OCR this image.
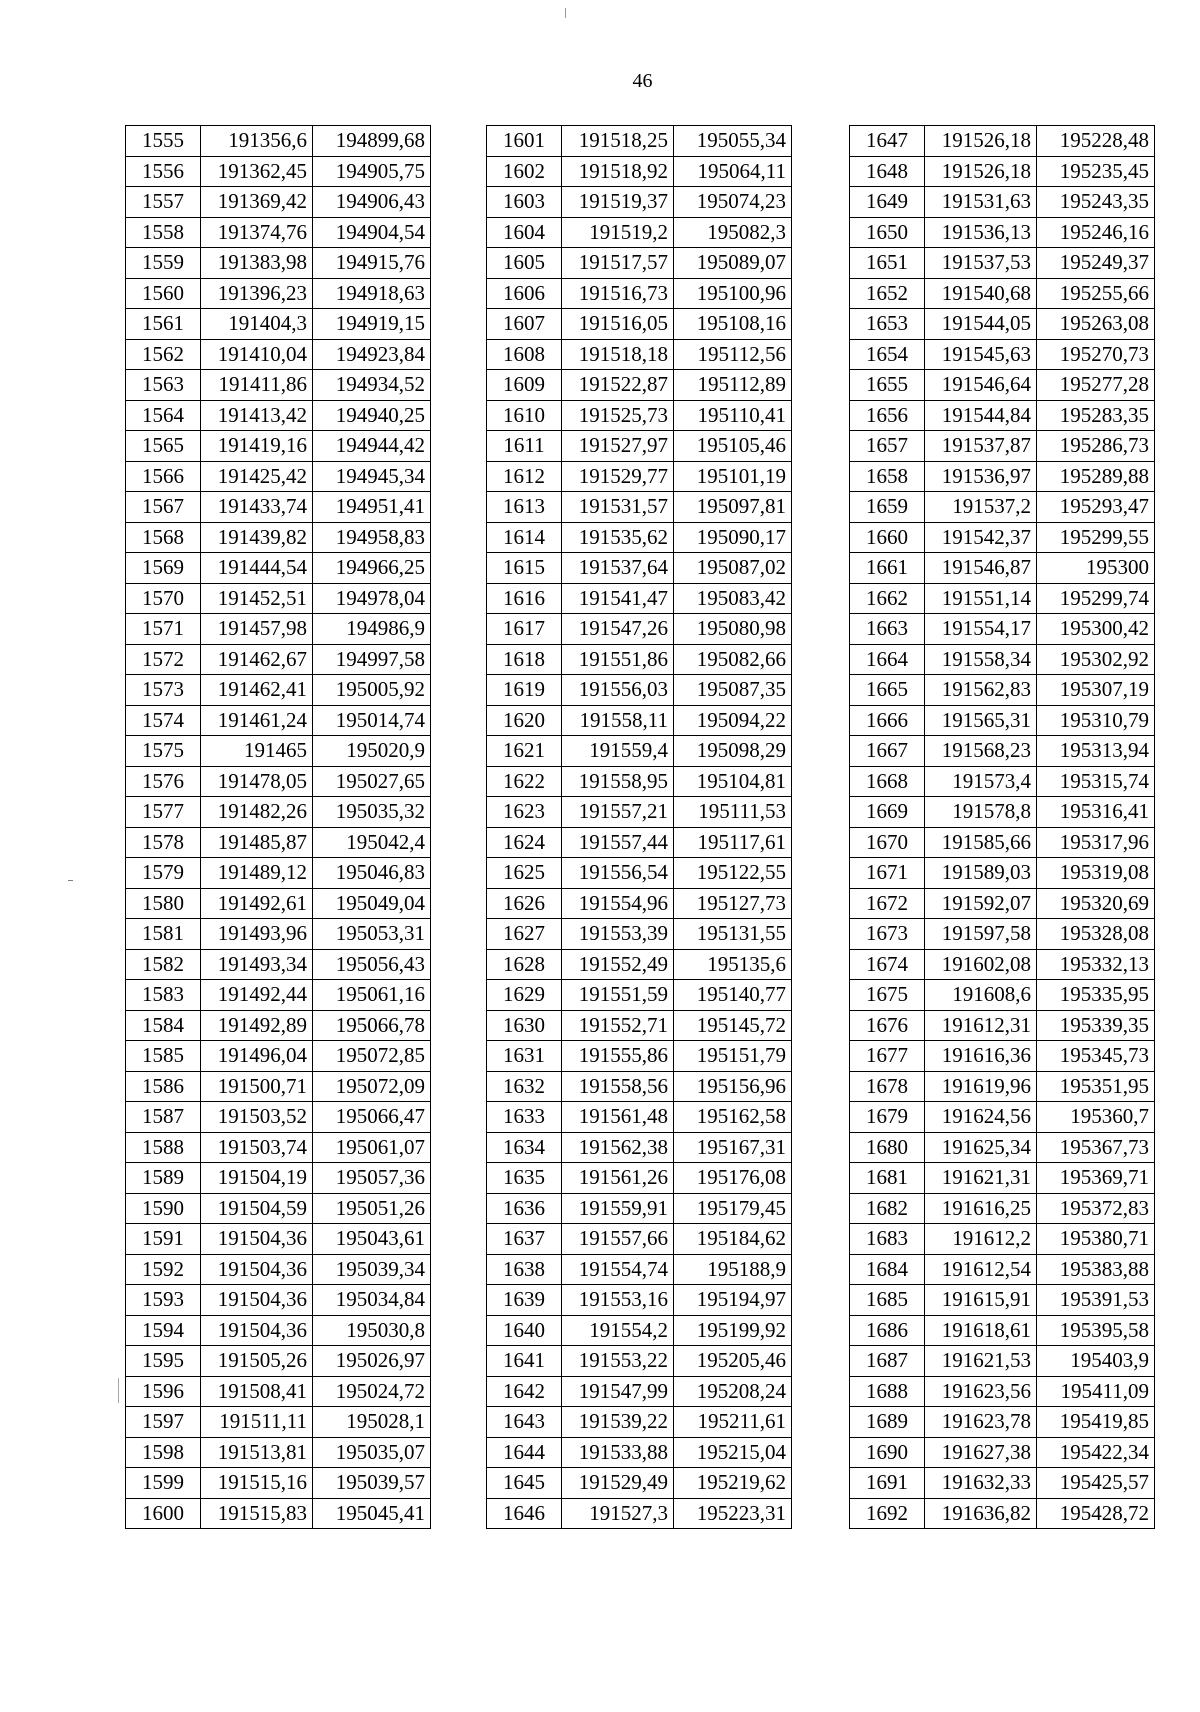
46
1555	191356,6	194899,68
1556	191362,45	194905,75
1557	191369,42	194906,43
1558	191374,76	194904,54
1559	191383,98	194915,76
1560	191396,23	194918,63
1561	191404,3	194919,15
1562	191410,04	194923,84
1563	191411,86	194934,52
1564	191413,42	194940,25
1565	191419,16	194944,42
1566	191425,42	194945,34
1567	191433,74	194951,41
1568	191439,82	194958,83
1569	191444,54	194966,25
1570	191452,51	194978,04
1571	191457,98	194986,9
1572	191462,67	194997,58
1573	191462,41	195005,92
1574	191461,24	195014,74
1575	191465	195020,9
1576	191478,05	195027,65
1577	191482,26	195035,32
1578	191485,87	195042,4
1579	191489,12	195046,83
1580	191492,61	195049,04
1581	191493,96	195053,31
1582	191493,34	195056,43
1583	191492,44	195061,16
1584	191492,89	195066,78
1585	191496,04	195072,85
1586	191500,71	195072,09
1587	191503,52	195066,47
1588	191503,74	195061,07
1589	191504,19	195057,36
1590	191504,59	195051,26
1591	191504,36	195043,61
1592	191504,36	195039,34
1593	191504,36	195034,84
1594	191504,36	195030,8
1595	191505,26	195026,97
1596	191508,41	195024,72
1597	191511,11	195028,1
1598	191513,81	195035,07
1599	191515,16	195039,57
1600	191515,83	195045,41
1601	191518,25	195055,34
1602	191518,92	195064,11
1603	191519,37	195074,23
1604	191519,2	195082,3
1605	191517,57	195089,07
1606	191516,73	195100,96
1607	191516,05	195108,16
1608	191518,18	195112,56
1609	191522,87	195112,89
1610	191525,73	195110,41
1611	191527,97	195105,46
1612	191529,77	195101,19
1613	191531,57	195097,81
1614	191535,62	195090,17
1615	191537,64	195087,02
1616	191541,47	195083,42
1617	191547,26	195080,98
1618	191551,86	195082,66
1619	191556,03	195087,35
1620	191558,11	195094,22
1621	191559,4	195098,29
1622	191558,95	195104,81
1623	191557,21	195111,53
1624	191557,44	195117,61
1625	191556,54	195122,55
1626	191554,96	195127,73
1627	191553,39	195131,55
1628	191552,49	195135,6
1629	191551,59	195140,77
1630	191552,71	195145,72
1631	191555,86	195151,79
1632	191558,56	195156,96
1633	191561,48	195162,58
1634	191562,38	195167,31
1635	191561,26	195176,08
1636	191559,91	195179,45
1637	191557,66	195184,62
1638	191554,74	195188,9
1639	191553,16	195194,97
1640	191554,2	195199,92
1641	191553,22	195205,46
1642	191547,99	195208,24
1643	191539,22	195211,61
1644	191533,88	195215,04
1645	191529,49	195219,62
1646	191527,3	195223,31
1647	191526,18	195228,48
1648	191526,18	195235,45
1649	191531,63	195243,35
1650	191536,13	195246,16
1651	191537,53	195249,37
1652	191540,68	195255,66
1653	191544,05	195263,08
1654	191545,63	195270,73
1655	191546,64	195277,28
1656	191544,84	195283,35
1657	191537,87	195286,73
1658	191536,97	195289,88
1659	191537,2	195293,47
1660	191542,37	195299,55
1661	191546,87	195300
1662	191551,14	195299,74
1663	191554,17	195300,42
1664	191558,34	195302,92
1665	191562,83	195307,19
1666	191565,31	195310,79
1667	191568,23	195313,94
1668	191573,4	195315,74
1669	191578,8	195316,41
1670	191585,66	195317,96
1671	191589,03	195319,08
1672	191592,07	195320,69
1673	191597,58	195328,08
1674	191602,08	195332,13
1675	191608,6	195335,95
1676	191612,31	195339,35
1677	191616,36	195345,73
1678	191619,96	195351,95
1679	191624,56	195360,7
1680	191625,34	195367,73
1681	191621,31	195369,71
1682	191616,25	195372,83
1683	191612,2	195380,71
1684	191612,54	195383,88
1685	191615,91	195391,53
1686	191618,61	195395,58
1687	191621,53	195403,9
1688	191623,56	195411,09
1689	191623,78	195419,85
1690	191627,38	195422,34
1691	191632,33	195425,57
1692	191636,82	195428,72
